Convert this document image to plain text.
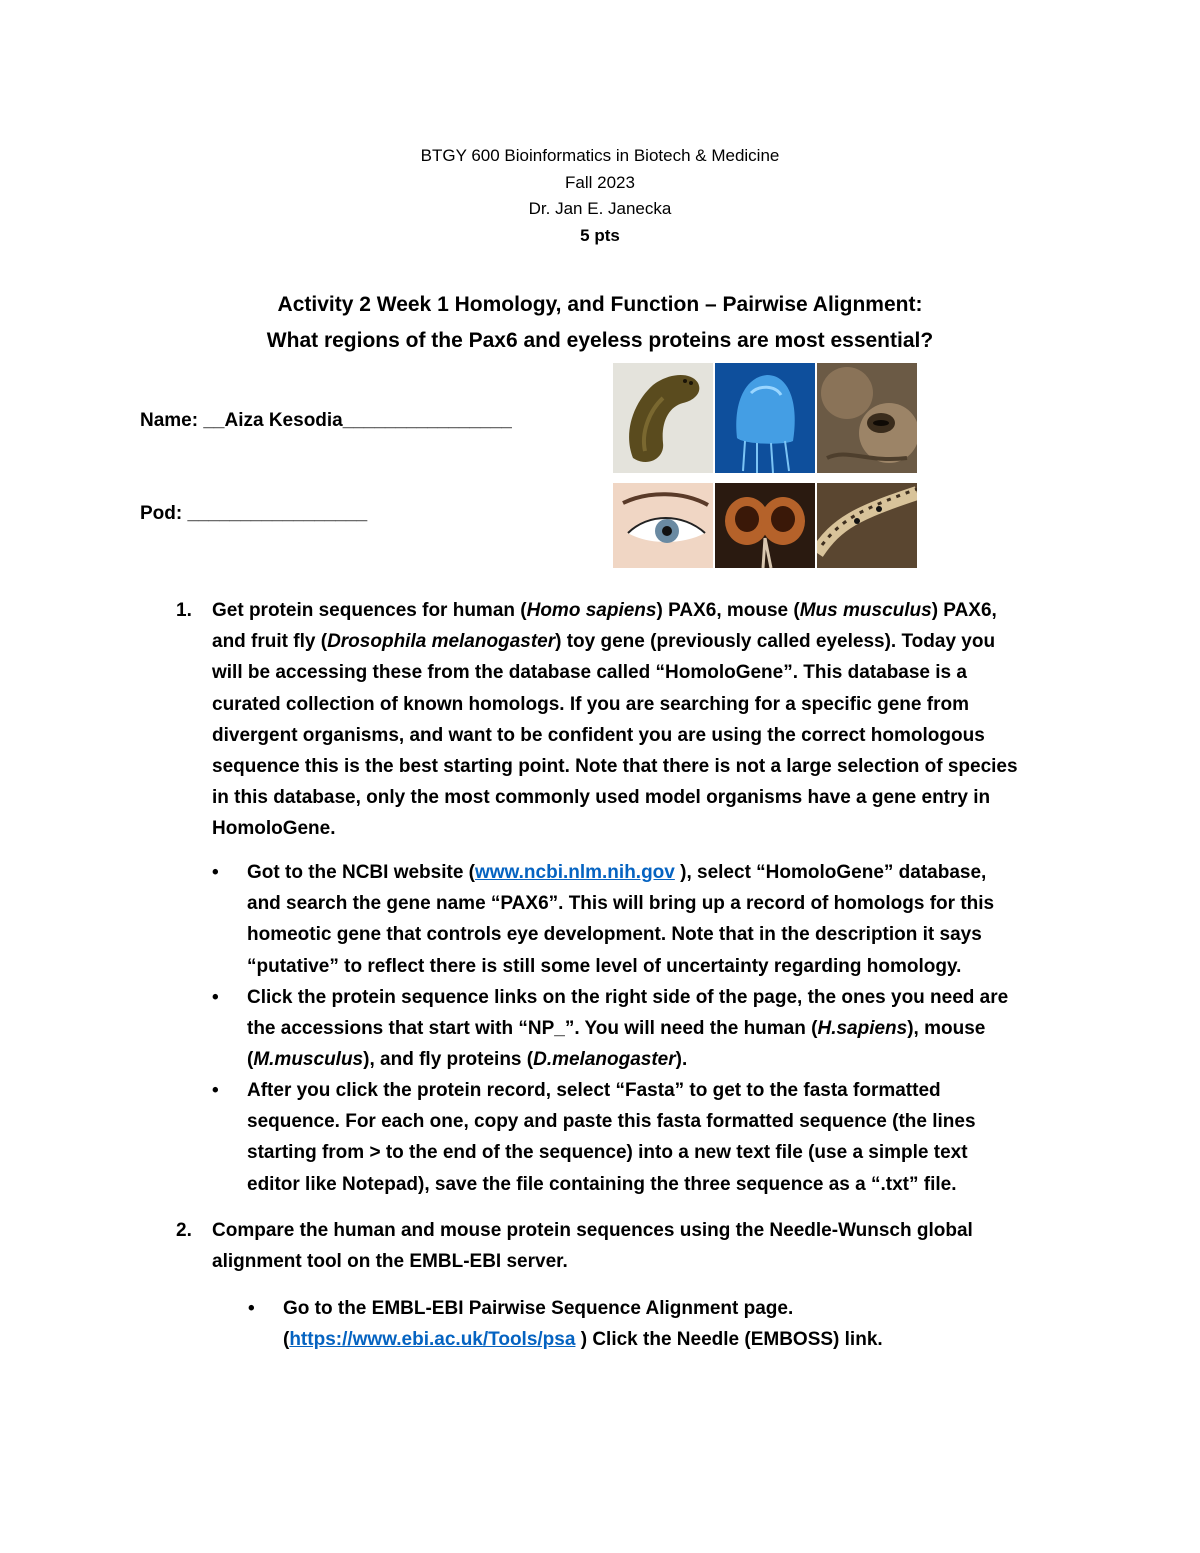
BTGY 600 Bioinformatics in Biotech & Medicine
Fall 2023
Dr. Jan E. Janecka
5 pts
Activity 2 Week 1 Homology, and Function – Pairwise Alignment:
What regions of the Pax6 and eyeless proteins are most essential?
Name: __Aiza Kesodia________________
Pod: _________________
1. Get protein sequences for human (Homo sapiens) PAX6, mouse (Mus musculus) PAX6,
and fruit fly (Drosophila melanogaster) toy gene (previously called eyeless). Today you
will be accessing these from the database called “HomoloGene”. This database is a
curated collection of known homologs. If you are searching for a specific gene from
divergent organisms, and want to be confident you are using the correct homologous
sequence this is the best starting point. Note that there is not a large selection of species
in this database, only the most commonly used model organisms have a gene entry in
HomoloGene.
• Got to the NCBI website (www.ncbi.nlm.nih.gov ), select “HomoloGene” database,
and search the gene name “PAX6”. This will bring up a record of homologs for this
homeotic gene that controls eye development. Note that in the description it says
“putative” to reflect there is still some level of uncertainty regarding homology.
• Click the protein sequence links on the right side of the page, the ones you need are
the accessions that start with “NP_”. You will need the human (H.sapiens), mouse
(M.musculus), and fly proteins (D.melanogaster).
• After you click the protein record, select “Fasta” to get to the fasta formatted
sequence. For each one, copy and paste this fasta formatted sequence (the lines
starting from > to the end of the sequence) into a new text file (use a simple text
editor like Notepad), save the file containing the three sequence as a “.txt” file.
2. Compare the human and mouse protein sequences using the Needle-Wunsch global
alignment tool on the EMBL-EBI server.
• Go to the EMBL-EBI Pairwise Sequence Alignment page.
(https://www.ebi.ac.uk/Tools/psa ) Click the Needle (EMBOSS) link.
